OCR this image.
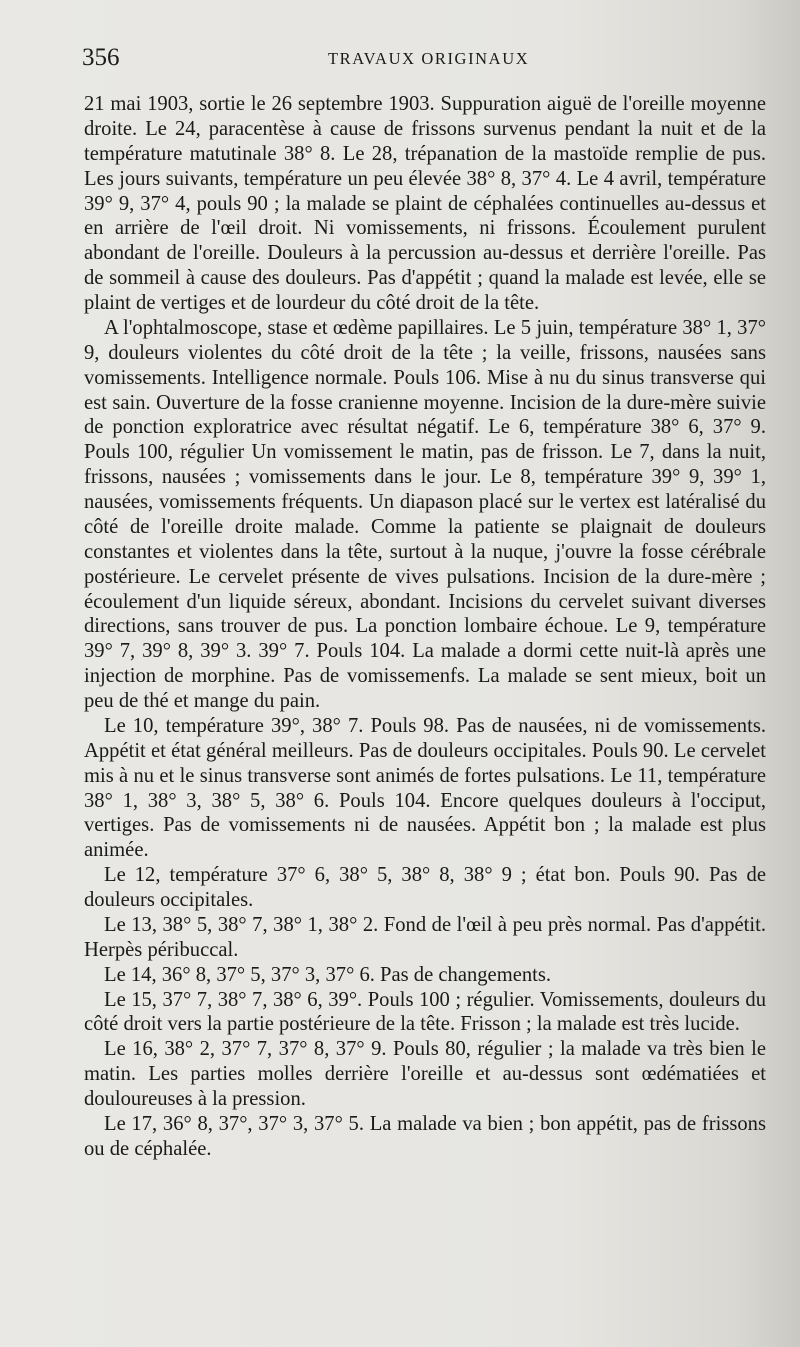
356	TRAVAUX ORIGINAUX

21 mai 1903, sortie le 26 septembre 1903. Suppuration aiguë de l'oreille moyenne droite. Le 24, paracentèse à cause de frissons survenus pendant la nuit et de la température matutinale 38° 8. Le 28, trépanation de la mastoïde remplie de pus. Les jours suivants, température un peu élevée 38° 8, 37° 4. Le 4 avril, température 39° 9, 37° 4, pouls 90 ; la malade se plaint de céphalées continuelles au-dessus et en arrière de l'œil droit. Ni vomissements, ni frissons. Écoulement purulent abondant de l'oreille. Douleurs à la percussion au-dessus et derrière l'oreille. Pas de sommeil à cause des douleurs. Pas d'appétit ; quand la malade est levée, elle se plaint de vertiges et de lourdeur du côté droit de la tête.

A l'ophtalmoscope, stase et œdème papillaires. Le 5 juin, température 38° 1, 37° 9, douleurs violentes du côté droit de la tête ; la veille, frissons, nausées sans vomissements. Intelligence normale. Pouls 106. Mise à nu du sinus transverse qui est sain. Ouverture de la fosse cranienne moyenne. Incision de la dure-mère suivie de ponction exploratrice avec résultat négatif. Le 6, température 38° 6, 37° 9. Pouls 100, régulier Un vomissement le matin, pas de frisson. Le 7, dans la nuit, frissons, nausées ; vomissements dans le jour. Le 8, température 39° 9, 39° 1, nausées, vomissements fréquents. Un diapason placé sur le vertex est latéralisé du côté de l'oreille droite malade. Comme la patiente se plaignait de douleurs constantes et violentes dans la tête, surtout à la nuque, j'ouvre la fosse cérébrale postérieure. Le cervelet présente de vives pulsations. Incision de la dure-mère ; écoulement d'un liquide séreux, abondant. Incisions du cervelet suivant diverses directions, sans trouver de pus. La ponction lombaire échoue. Le 9, température 39° 7, 39° 8, 39° 3. 39° 7. Pouls 104. La malade a dormi cette nuit-là après une injection de morphine. Pas de vomissemenfs. La malade se sent mieux, boit un peu de thé et mange du pain.

Le 10, température 39°, 38° 7. Pouls 98. Pas de nausées, ni de vomissements. Appétit et état général meilleurs. Pas de douleurs occipitales. Pouls 90. Le cervelet mis à nu et le sinus transverse sont animés de fortes pulsations. Le 11, température 38° 1, 38° 3, 38° 5, 38° 6. Pouls 104. Encore quelques douleurs à l'occiput, vertiges. Pas de vomissements ni de nausées. Appétit bon ; la malade est plus animée.

Le 12, température 37° 6, 38° 5, 38° 8, 38° 9 ; état bon. Pouls 90. Pas de douleurs occipitales.

Le 13, 38° 5, 38° 7, 38° 1, 38° 2. Fond de l'œil à peu près normal. Pas d'appétit. Herpès péribuccal.

Le 14, 36° 8, 37° 5, 37° 3, 37° 6. Pas de changements.

Le 15, 37° 7, 38° 7, 38° 6, 39°. Pouls 100 ; régulier. Vomissements, douleurs du côté droit vers la partie postérieure de la tête. Frisson ; la malade est très lucide.

Le 16, 38° 2, 37° 7, 37° 8, 37° 9. Pouls 80, régulier ; la malade va très bien le matin. Les parties molles derrière l'oreille et au-dessus sont œdématiées et douloureuses à la pression.

Le 17, 36° 8, 37°, 37° 3, 37° 5. La malade va bien ; bon appétit, pas de frissons ou de céphalée.
